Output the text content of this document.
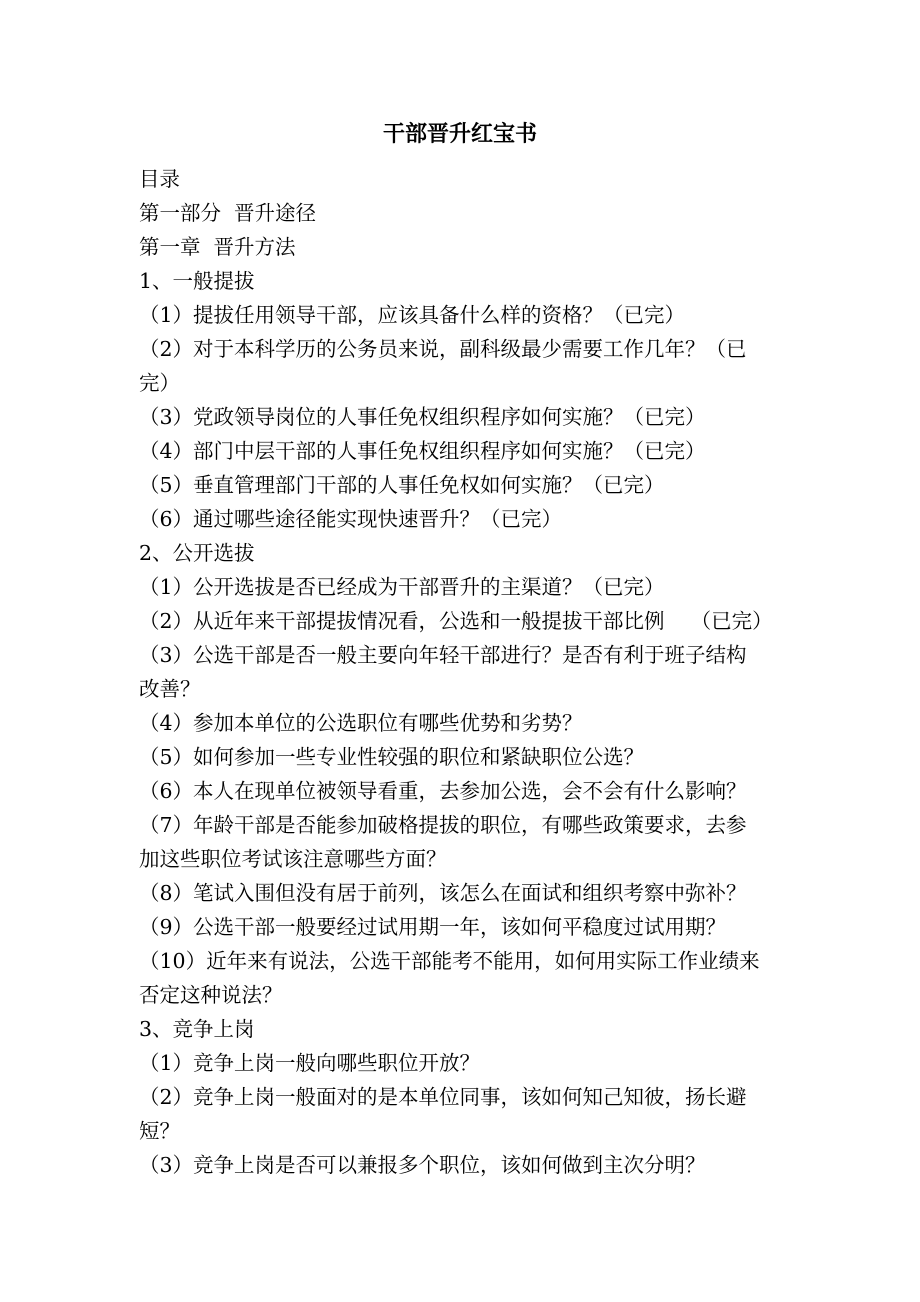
干部晋升红宝书
目录
第一部分  晋升途径
第一章  晋升方法
1、一般提拔
（1）提拔任用领导干部，应该具备什么样的资格？（已完）
（2）对于本科学历的公务员来说，副科级最少需要工作几年？（已
完）
（3）党政领导岗位的人事任免权组织程序如何实施？（已完）
（4）部门中层干部的人事任免权组织程序如何实施？（已完）
（5）垂直管理部门干部的人事任免权如何实施？（已完）
（6）通过哪些途径能实现快速晋升？（已完）
2、公开选拔
（1）公开选拔是否已经成为干部晋升的主渠道？（已完）
（2）从近年来干部提拔情况看，公选和一般提拔干部比例    （已完）
（3）公选干部是否一般主要向年轻干部进行？是否有利于班子结构
改善？
（4）参加本单位的公选职位有哪些优势和劣势？
（5）如何参加一些专业性较强的职位和紧缺职位公选？
（6）本人在现单位被领导看重，去参加公选，会不会有什么影响？
（7）年龄干部是否能参加破格提拔的职位，有哪些政策要求，去参
加这些职位考试该注意哪些方面？
（8）笔试入围但没有居于前列，该怎么在面试和组织考察中弥补？
（9）公选干部一般要经过试用期一年，该如何平稳度过试用期？
（10）近年来有说法，公选干部能考不能用，如何用实际工作业绩来
否定这种说法？
3、竞争上岗
（1）竞争上岗一般向哪些职位开放？
（2）竞争上岗一般面对的是本单位同事，该如何知己知彼，扬长避
短？
（3）竞争上岗是否可以兼报多个职位，该如何做到主次分明？
